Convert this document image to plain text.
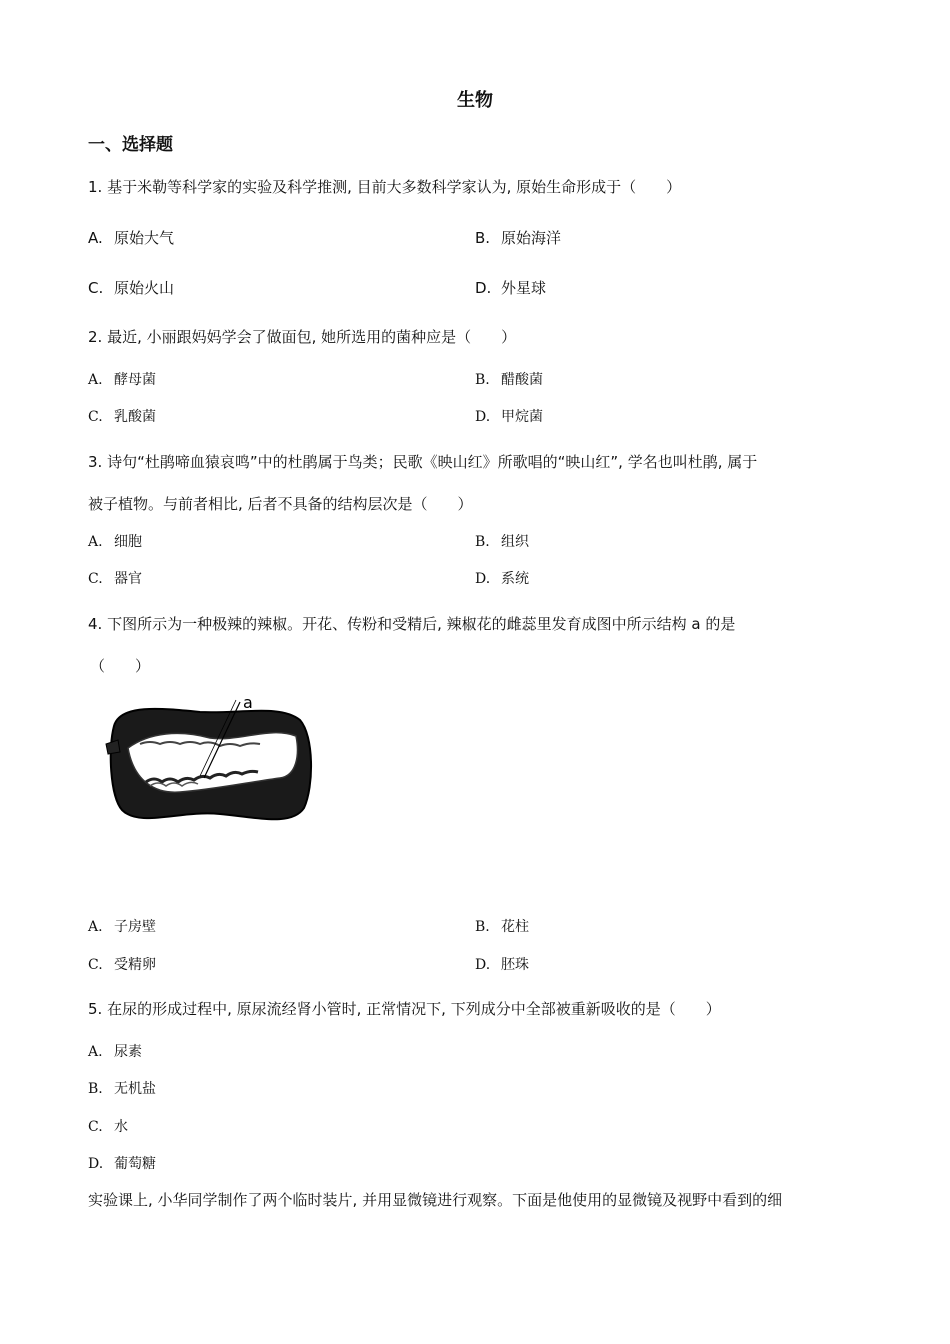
生物
一、选择题
1. 基于米勒等科学家的实验及科学推测, 目前大多数科学家认为, 原始生命形成于（　　）
A. 原始大气	B. 原始海洋
C. 原始火山	D. 外星球
2. 最近, 小丽跟妈妈学会了做面包, 她所选用的菌种应是（　　）
A. 酵母菌	B. 醋酸菌
C. 乳酸菌	D. 甲烷菌
3. 诗句“杜鹃啼血猿哀鸣”中的杜鹃属于鸟类；民歌《映山红》所歌唱的“映山红”, 学名也叫杜鹃, 属于
被子植物。与前者相比, 后者不具备的结构层次是（　　）
A. 细胞	B. 组织
C. 器官	D. 系统
4. 下图所示为一种极辣的辣椒。开花、传粉和受精后, 辣椒花的雌蕊里发育成图中所示结构 a 的是
（　　）
a
A. 子房壁	B. 花柱
C. 受精卵	D. 胚珠
5. 在尿的形成过程中, 原尿流经肾小管时, 正常情况下, 下列成分中全部被重新吸收的是（　　）
A. 尿素
B. 无机盐
C. 水
D. 葡萄糖
实验课上, 小华同学制作了两个临时装片, 并用显微镜进行观察。下面是他使用的显微镜及视野中看到的细
